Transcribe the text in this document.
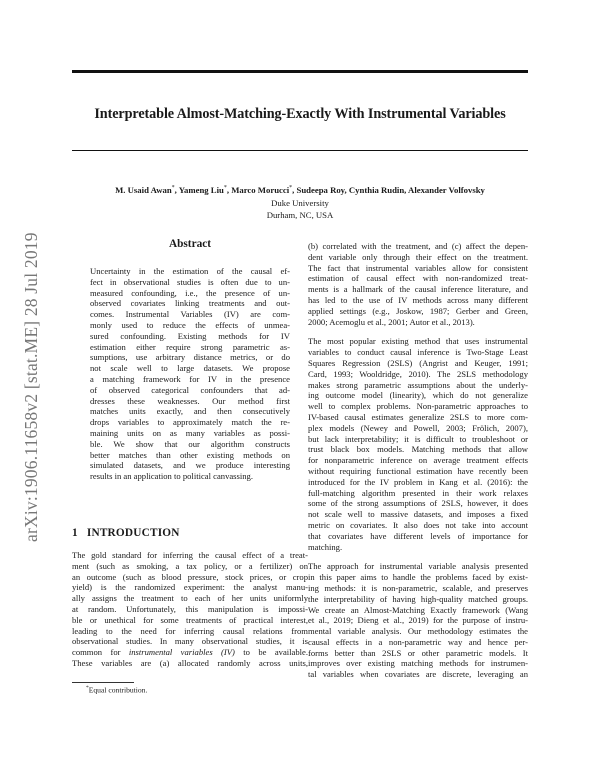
Interpretable Almost-Matching-Exactly With Instrumental Variables
arXiv:1906.11658v2 [stat.ME] 28 Jul 2019
M. Usaid Awan*, Yameng Liu*, Marco Morucci*, Sudeepa Roy, Cynthia Rudin, Alexander Volfovsky
Duke University
Durham, NC, USA
Abstract
Uncertainty in the estimation of the causal ef-
fect in observational studies is often due to un-
measured confounding, i.e., the presence of un-
observed covariates linking treatments and out-
comes. Instrumental Variables (IV) are com-
monly used to reduce the effects of unmea-
sured confounding. Existing methods for IV
estimation either require strong parametric as-
sumptions, use arbitrary distance metrics, or do
not scale well to large datasets. We propose
a matching framework for IV in the presence
of observed categorical confounders that ad-
dresses these weaknesses. Our method first
matches units exactly, and then consecutively
drops variables to approximately match the re-
maining units on as many variables as possi-
ble. We show that our algorithm constructs
better matches than other existing methods on
simulated datasets, and we produce interesting
results in an application to political canvassing.
1 INTRODUCTION
The gold standard for inferring the causal effect of a treat-
ment (such as smoking, a tax policy, or a fertilizer) on
an outcome (such as blood pressure, stock prices, or crop
yield) is the randomized experiment: the analyst manu-
ally assigns the treatment to each of her units uniformly
at random. Unfortunately, this manipulation is impossi-
ble or unethical for some treatments of practical interest,
leading to the need for inferring causal relations from
observational studies. In many observational studies, it is
common for instrumental variables (IV) to be available.
These variables are (a) allocated randomly across units,
(b) correlated with the treatment, and (c) affect the depen-
dent variable only through their effect on the treatment.
The fact that instrumental variables allow for consistent
estimation of causal effect with non-randomized treat-
ments is a hallmark of the causal inference literature, and
has led to the use of IV methods across many different
applied settings (e.g., Joskow, 1987; Gerber and Green,
2000; Acemoglu et al., 2001; Autor et al., 2013).
The most popular existing method that uses instrumental
variables to conduct causal inference is Two-Stage Least
Squares Regression (2SLS) (Angrist and Keuger, 1991;
Card, 1993; Wooldridge, 2010). The 2SLS methodology
makes strong parametric assumptions about the underly-
ing outcome model (linearity), which do not generalize
well to complex problems. Non-parametric approaches to
IV-based causal estimates generalize 2SLS to more com-
plex models (Newey and Powell, 2003; Frölich, 2007),
but lack interpretability; it is difficult to troubleshoot or
trust black box models. Matching methods that allow
for nonparametric inference on average treatment effects
without requiring functional estimation have recently been
introduced for the IV problem in Kang et al. (2016): the
full-matching algorithm presented in their work relaxes
some of the strong assumptions of 2SLS, however, it does
not scale well to massive datasets, and imposes a fixed
metric on covariates. It also does not take into account
that covariates have different levels of importance for
matching.
The approach for instrumental variable analysis presented
in this paper aims to handle the problems faced by exist-
ing methods: it is non-parametric, scalable, and preserves
the interpretability of having high-quality matched groups.
We create an Almost-Matching Exactly framework (Wang
et al., 2019; Dieng et al., 2019) for the purpose of instru-
mental variable analysis. Our methodology estimates the
causal effects in a non-parametric way and hence per-
forms better than 2SLS or other parametric models. It
improves over existing matching methods for instrumen-
tal variables when covariates are discrete, leveraging an
*Equal contribution.
